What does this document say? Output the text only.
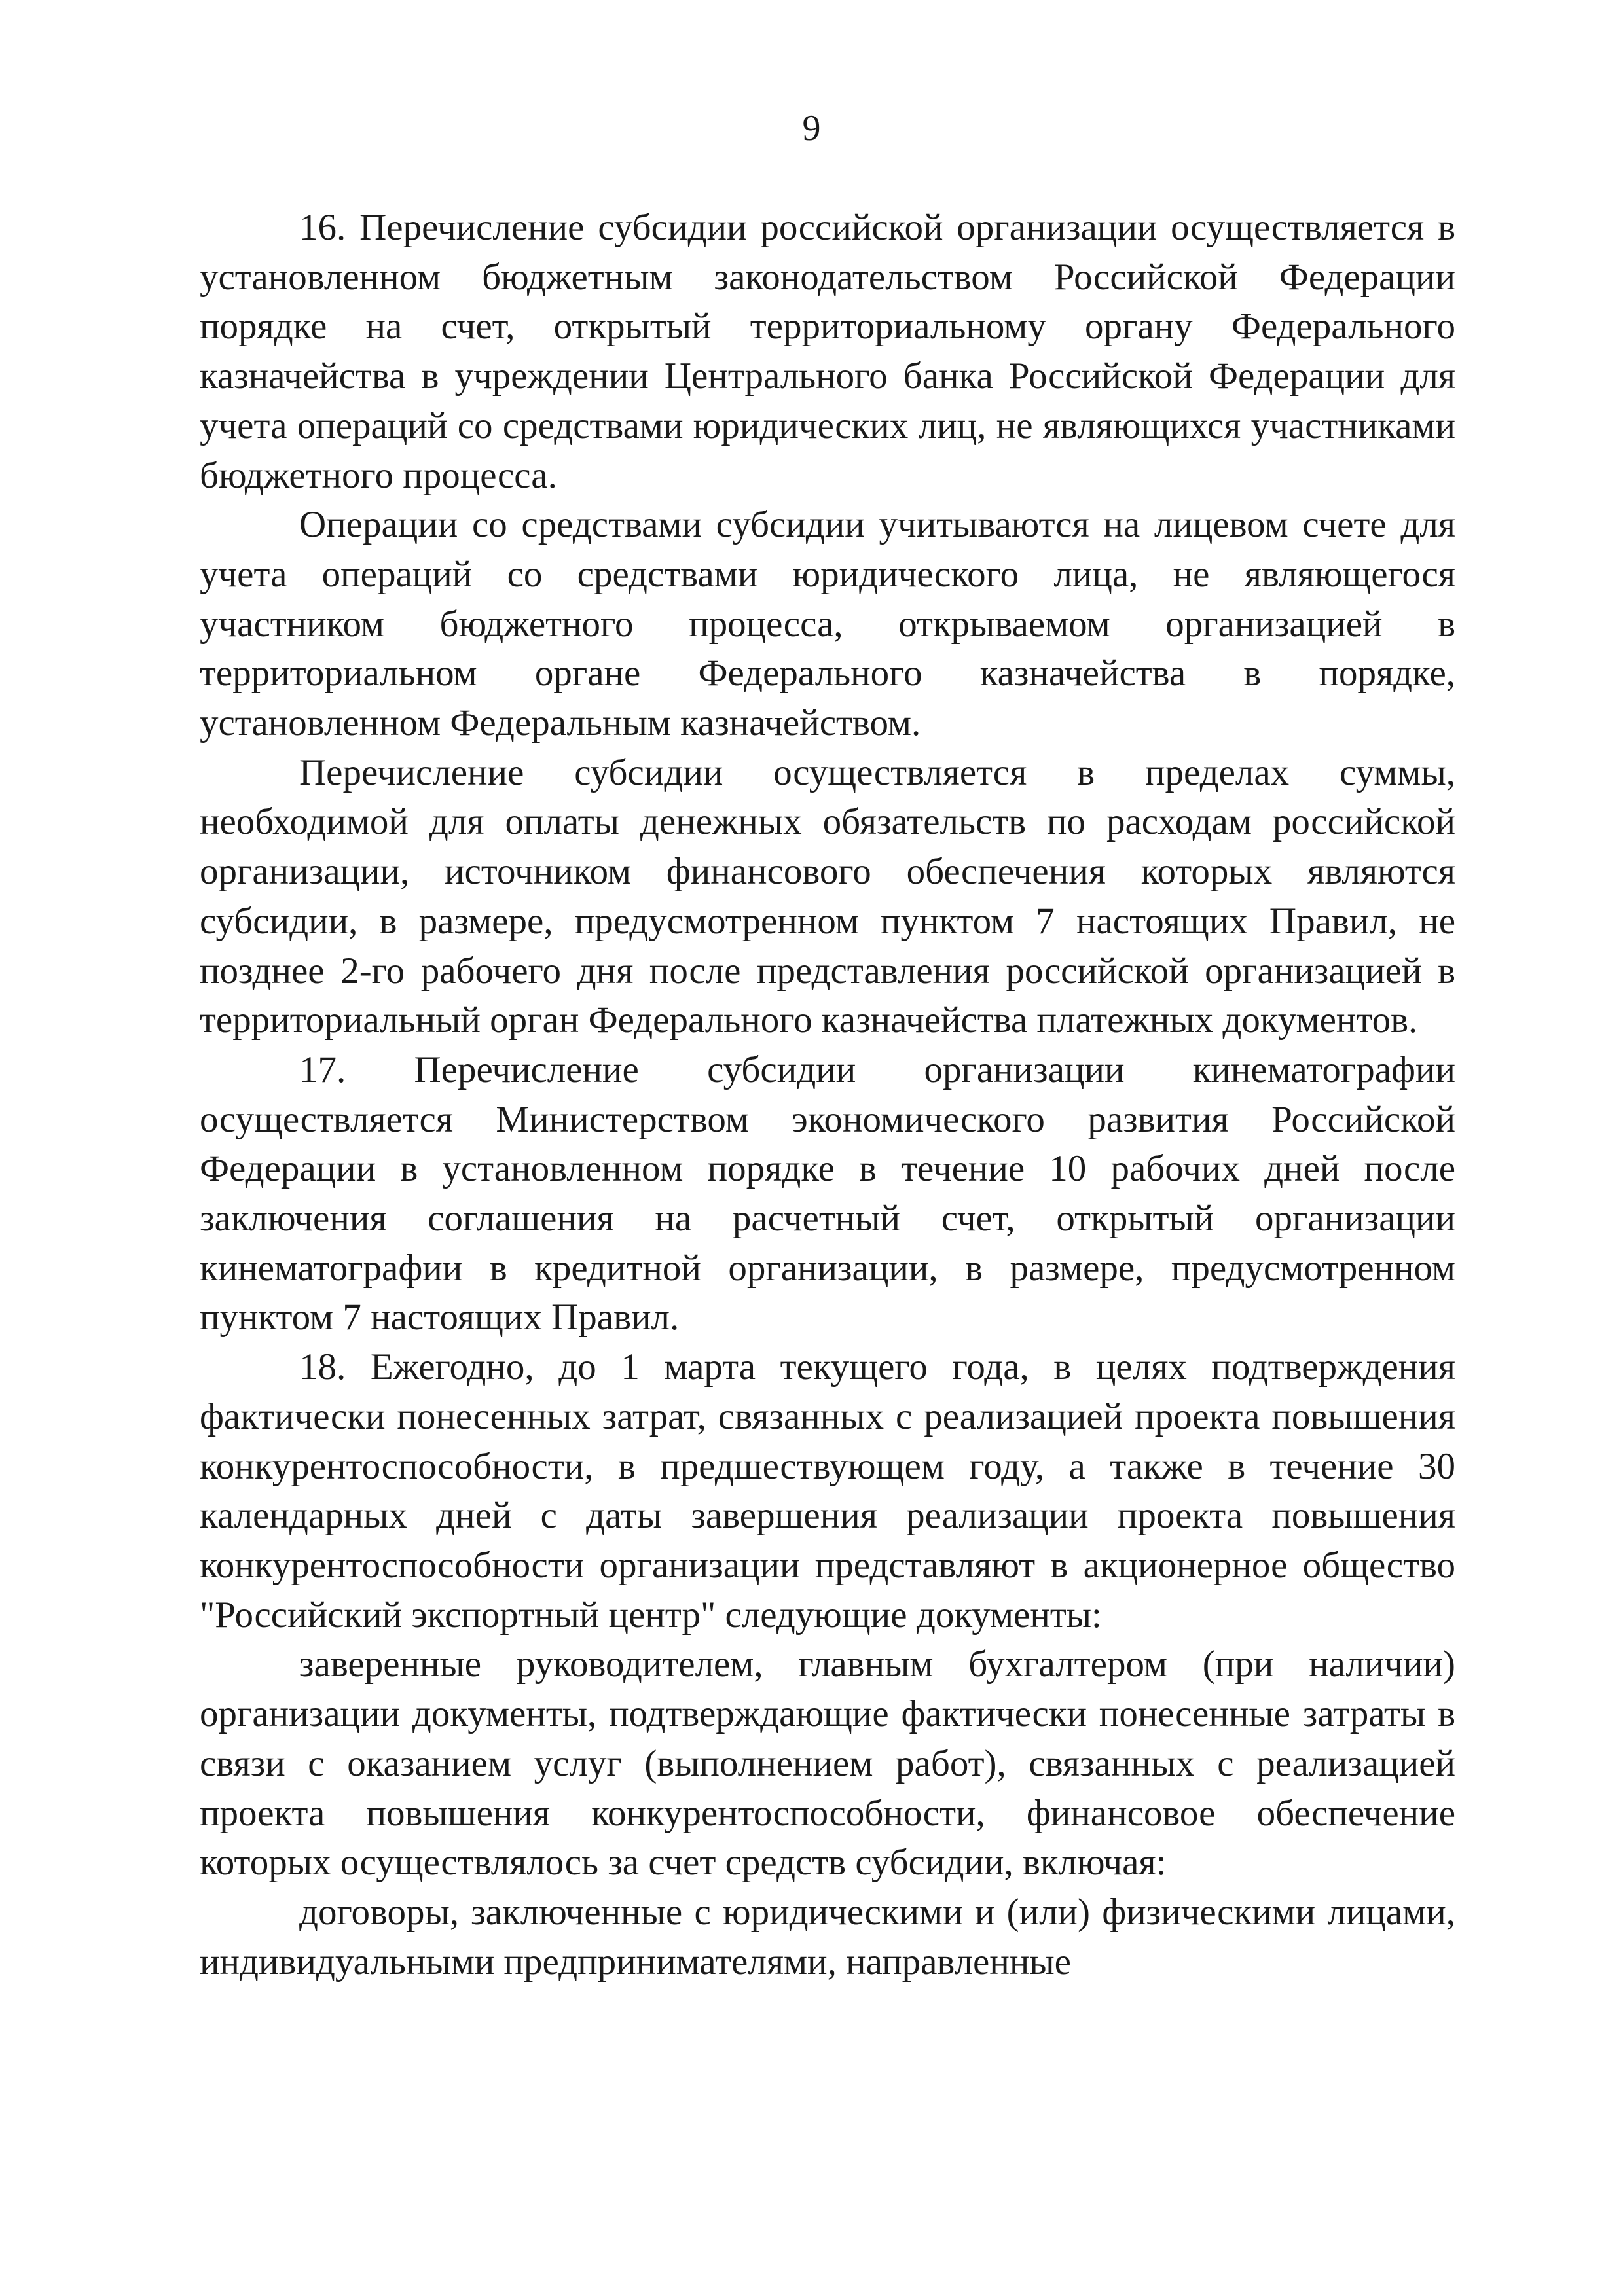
9

16. Перечисление субсидии российской организации осуществляется в установленном бюджетным законодательством Российской Федерации порядке на счет, открытый территориальному органу Федерального казначейства в учреждении Центрального банка Российской Федерации для учета операций со средствами юридических лиц, не являющихся участниками бюджетного процесса.

Операции со средствами субсидии учитываются на лицевом счете для учета операций со средствами юридического лица, не являющегося участником бюджетного процесса, открываемом организацией в территориальном органе Федерального казначейства в порядке, установленном Федеральным казначейством.

Перечисление субсидии осуществляется в пределах суммы, необходимой для оплаты денежных обязательств по расходам российской организации, источником финансового обеспечения которых являются субсидии, в размере, предусмотренном пунктом 7 настоящих Правил, не позднее 2-го рабочего дня после представления российской организацией в территориальный орган Федерального казначейства платежных документов.

17. Перечисление субсидии организации кинематографии осуществляется Министерством экономического развития Российской Федерации в установленном порядке в течение 10 рабочих дней после заключения соглашения на расчетный счет, открытый организации кинематографии в кредитной организации, в размере, предусмотренном пунктом 7 настоящих Правил.

18. Ежегодно, до 1 марта текущего года, в целях подтверждения фактически понесенных затрат, связанных с реализацией проекта повышения конкурентоспособности, в предшествующем году, а также в течение 30 календарных дней с даты завершения реализации проекта повышения конкурентоспособности организации представляют в акционерное общество "Российский экспортный центр" следующие документы:

заверенные руководителем, главным бухгалтером (при наличии) организации документы, подтверждающие фактически понесенные затраты в связи с оказанием услуг (выполнением работ), связанных с реализацией проекта повышения конкурентоспособности, финансовое обеспечение которых осуществлялось за счет средств субсидии, включая:

договоры, заключенные с юридическими и (или) физическими лицами, индивидуальными предпринимателями, направленные
